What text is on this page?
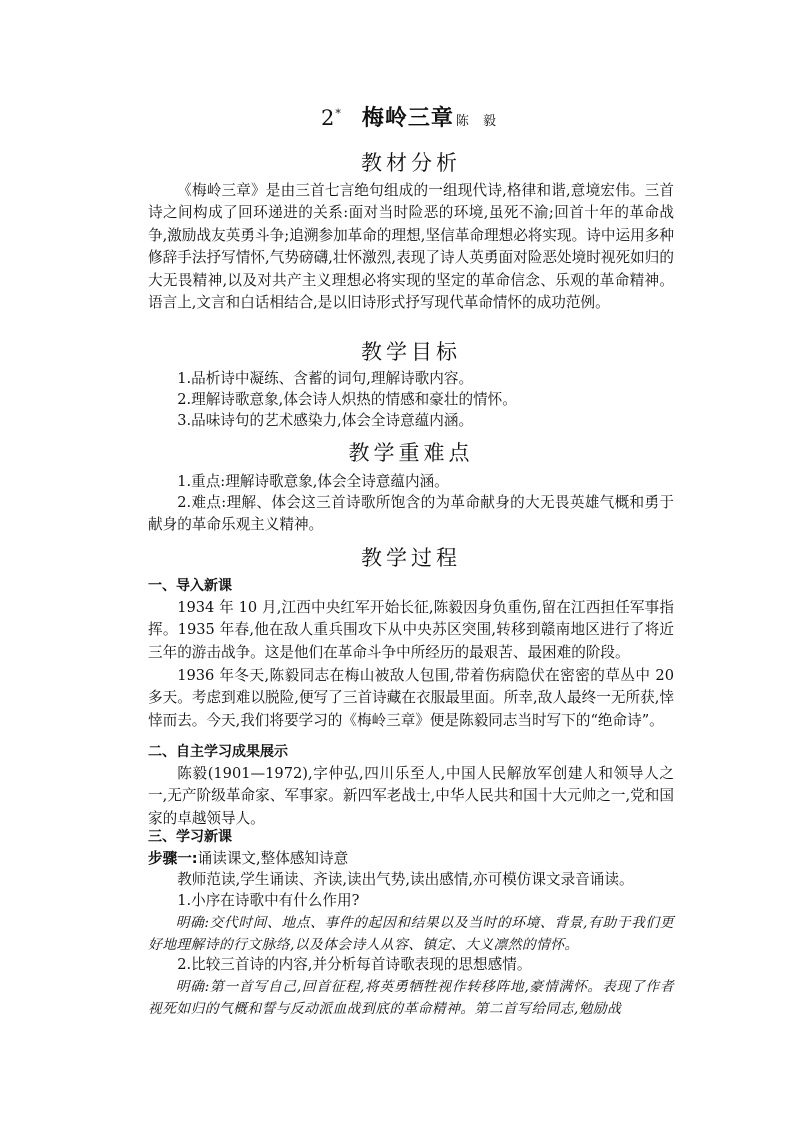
2* 梅岭三章 陈 毅
教材分析

《梅岭三章》是由三首七言绝句组成的一组现代诗,格律和谐,意境宏伟。三首诗之间构成了回环递进的关系:面对当时险恶的环境,虽死不渝;回首十年的革命战争,激励战友英勇斗争;追溯参加革命的理想,坚信革命理想必将实现。诗中运用多种修辞手法抒写情怀,气势磅礴,壮怀激烈,表现了诗人英勇面对险恶处境时视死如归的大无畏精神,以及对共产主义理想必将实现的坚定的革命信念、乐观的革命精神。语言上,文言和白话相结合,是以旧诗形式抒写现代革命情怀的成功范例。

教学目标

1.品析诗中凝练、含蓄的词句,理解诗歌内容。

2.理解诗歌意象,体会诗人炽热的情感和豪壮的情怀。

3.品味诗句的艺术感染力,体会全诗意蕴内涵。

教学重难点

1.重点:理解诗歌意象,体会全诗意蕴内涵。

2.难点:理解、体会这三首诗歌所饱含的为革命献身的大无畏英雄气概和勇于献身的革命乐观主义精神。

教学过程

一、导入新课

1934 年 10 月,江西中央红军开始长征,陈毅因身负重伤,留在江西担任军事指挥。1935 年春,他在敌人重兵围攻下从中央苏区突围,转移到赣南地区进行了将近三年的游击战争。这是他们在革命斗争中所经历的最艰苦、最困难的阶段。

1936 年冬天,陈毅同志在梅山被敌人包围,带着伤病隐伏在密密的草丛中 20 多天。考虑到难以脱险,便写了三首诗藏在衣服最里面。所幸,敌人最终一无所获,悻悻而去。今天,我们将要学习的《梅岭三章》便是陈毅同志当时写下的“绝命诗”。

二、自主学习成果展示

陈毅(1901—1972),字仲弘,四川乐至人,中国人民解放军创建人和领导人之一,无产阶级革命家、军事家。新四军老战士,中华人民共和国十大元帅之一,党和国家的卓越领导人。

三、学习新课

步骤一:诵读课文,整体感知诗意

教师范读,学生诵读、齐读,读出气势,读出感情,亦可模仿课文录音诵读。

1.小序在诗歌中有什么作用?

明确:交代时间、地点、事件的起因和结果以及当时的环境、背景,有助于我们更好地理解诗的行文脉络,以及体会诗人从容、镇定、大义凛然的情怀。

2.比较三首诗的内容,并分析每首诗歌表现的思想感情。

明确:第一首写自己,回首征程,将英勇牺牲视作转移阵地,豪情满怀。表现了作者视死如归的气概和誓与反动派血战到底的革命精神。第二首写给同志,勉励战
